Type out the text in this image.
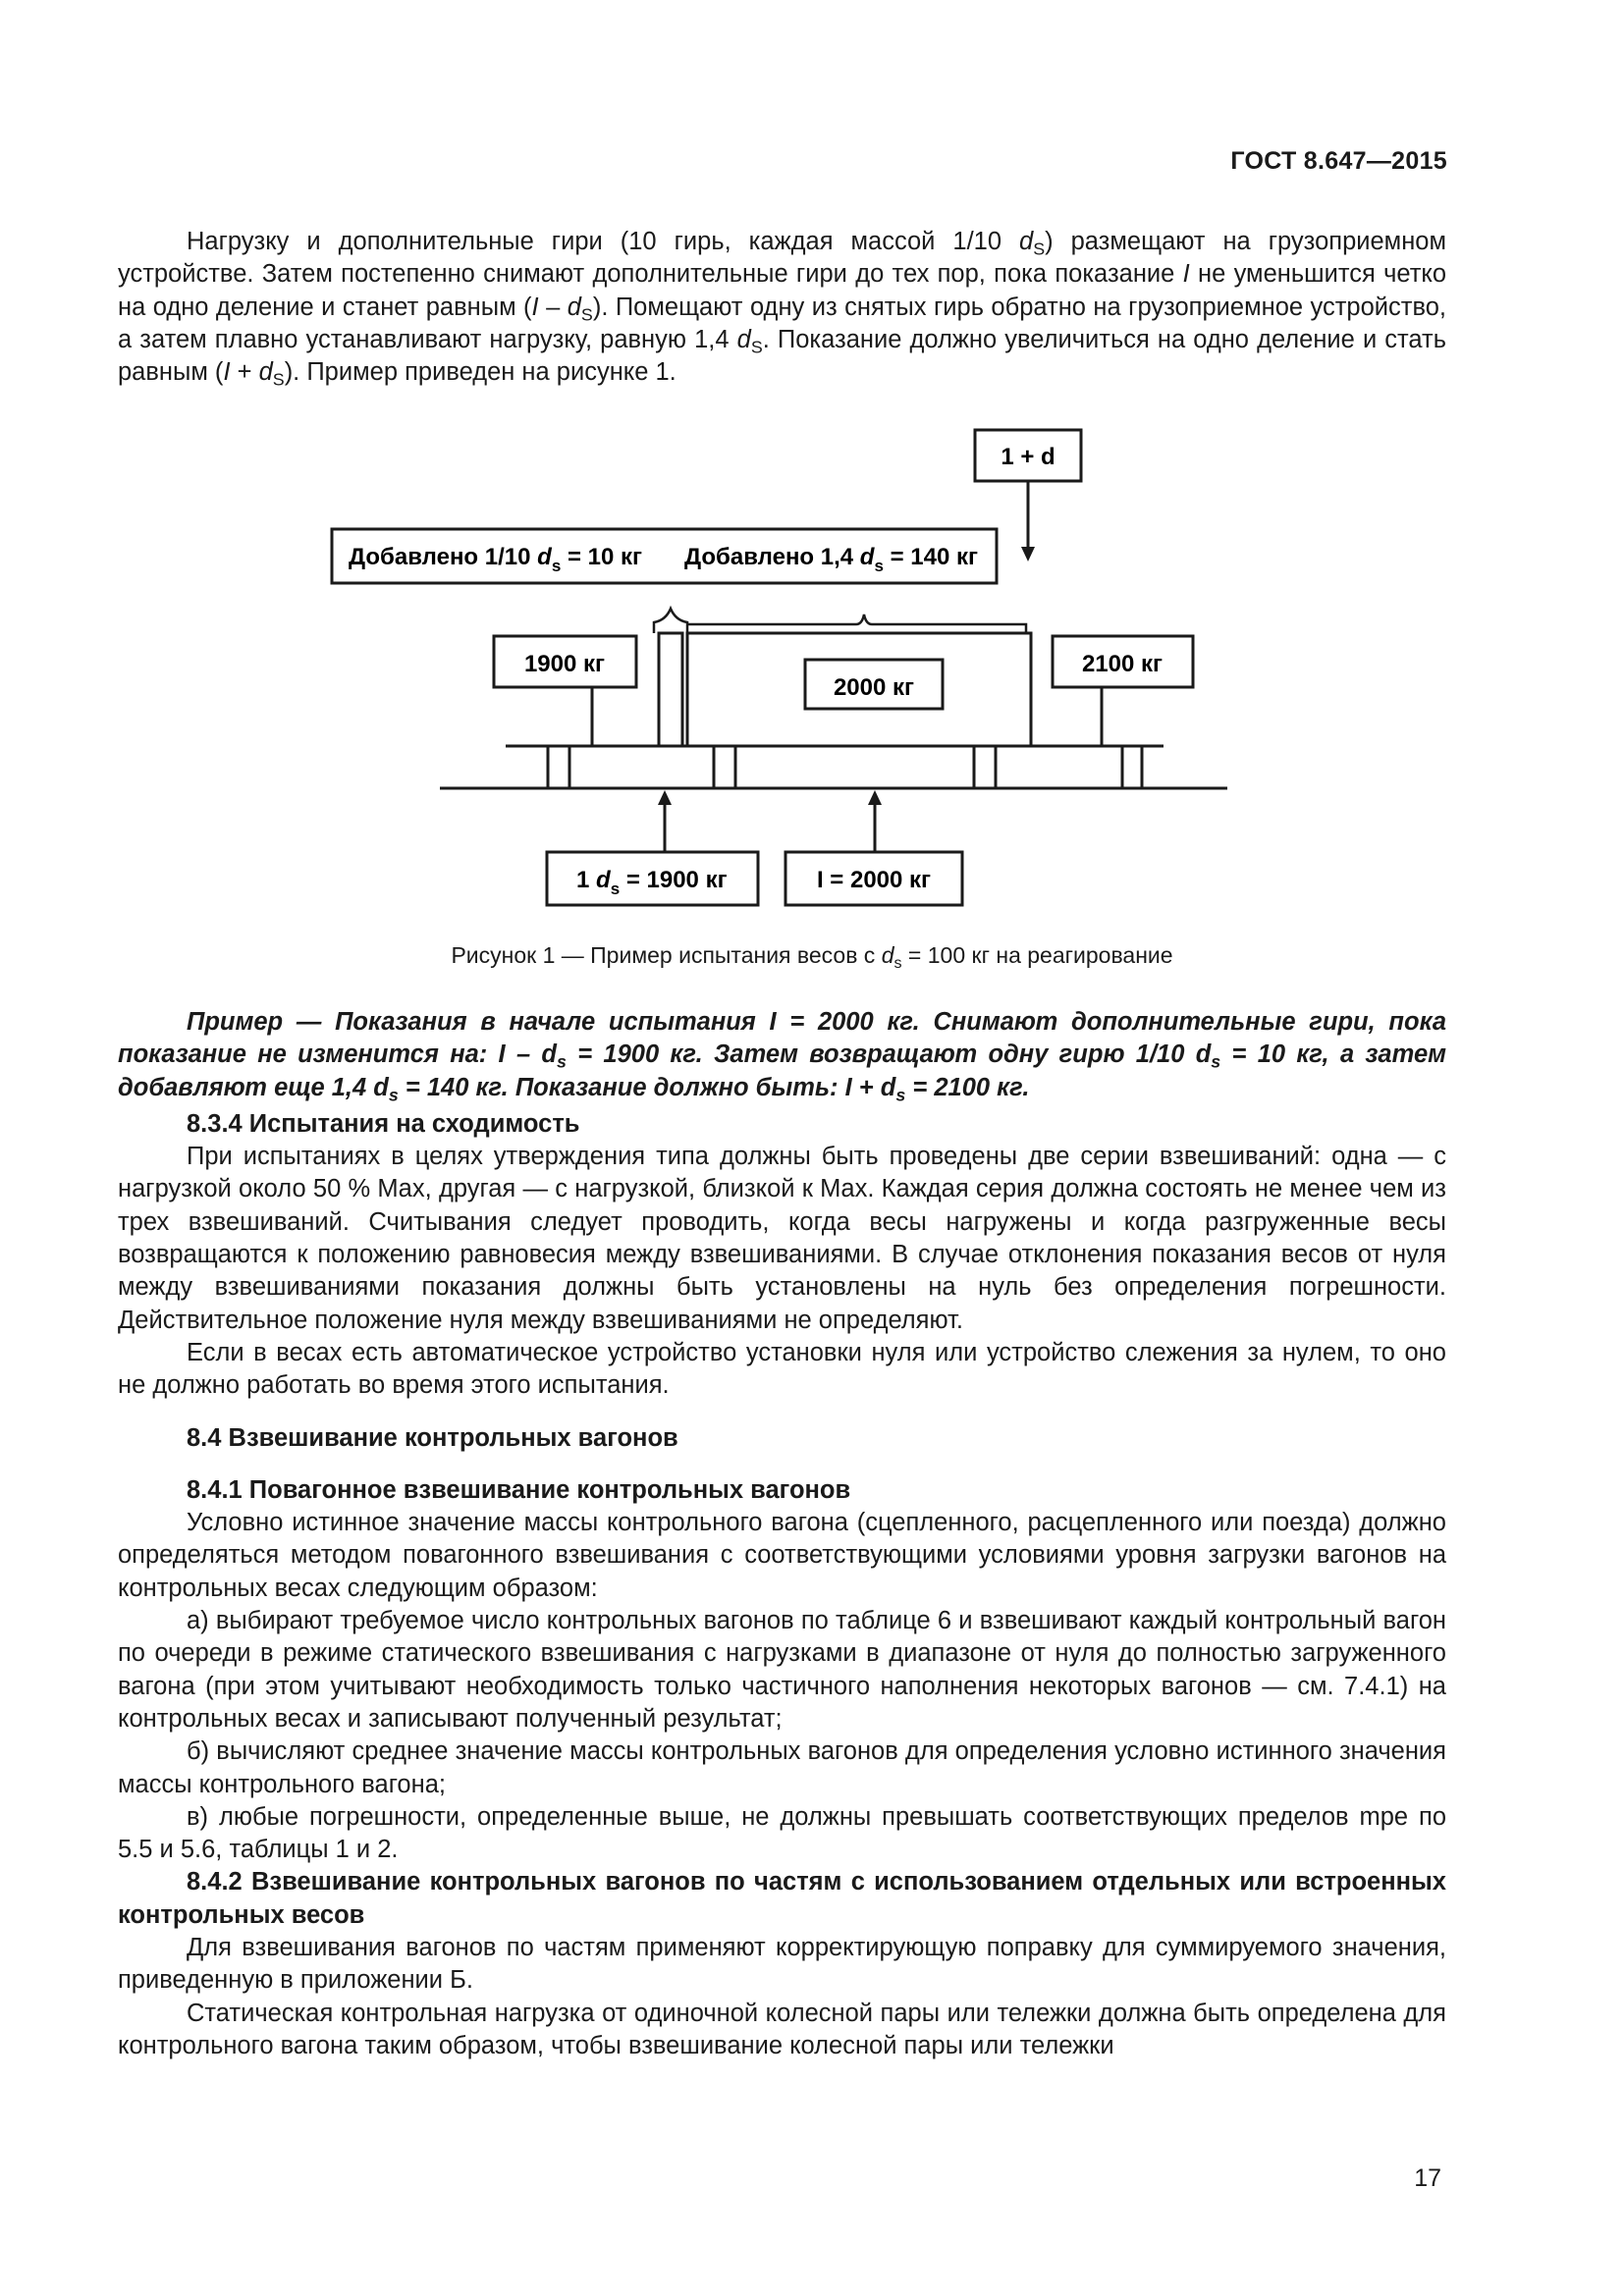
ГОСТ 8.647—2015

Нагрузку и дополнительные гири (10 гирь, каждая массой 1/10 $d_S$) размещают на грузоприемном устройстве. Затем постепенно снимают дополнительные гири до тех пор, пока показание I не уменьшится четко на одно деление и станет равным $(I - d_S)$. Помещают одну из снятых гирь обратно на грузоприемное устройство, а затем плавно устанавливают нагрузку, равную 1,4 $d_S$. Показание должно увеличиться на одно деление и стать равным $(I + d_S)$. Пример приведен на рисунке 1.

1 + d
Добавлено 1/10 $d_s = 10$ кг Добавлено 1,4 $d_s = 140$ кг
1900 кг
2000 кг
2100 кг
1 $d_s = 1900$ кг	I = 2000 кг
Рисунок 1 — Пример испытания весов с $d_s = 100$ кг на реагирование

Пример — Показания в начале испытания I = 2000 кг. Снимают дополнительные гири, пока показание не изменится на: $I - d_s = 1900$ кг. Затем возвращают одну гирю 1/10 $d_s = 10$ кг, а затем добавляют еще 1,4 $d_s = 140$ кг. Показание должно быть: $I + d_s = 2100$ кг.

8.3.4 Испытания на сходимость

При испытаниях в целях утверждения типа должны быть проведены две серии взвешиваний: одна — с нагрузкой около 50 % Max, другая — с нагрузкой, близкой к Max. Каждая серия должна состоять не менее чем из трех взвешиваний. Считывания следует проводить, когда весы нагружены и когда разгруженные весы возвращаются к положению равновесия между взвешиваниями. В случае отклонения показания весов от нуля между взвешиваниями показания должны быть установлены на нуль без определения погрешности. Действительное положение нуля между взвешиваниями не определяют.

Если в весах есть автоматическое устройство установки нуля или устройство слежения за нулем, то оно не должно работать во время этого испытания.

8.4 Взвешивание контрольных вагонов

8.4.1 Повагонное взвешивание контрольных вагонов

Условно истинное значение массы контрольного вагона (сцепленного, расцепленного или поезда) должно определяться методом повагонного взвешивания с соответствующими условиями уровня загрузки вагонов на контрольных весах следующим образом:

а) выбирают требуемое число контрольных вагонов по таблице 6 и взвешивают каждый контрольный вагон по очереди в режиме статического взвешивания с нагрузками в диапазоне от нуля до полностью загруженного вагона (при этом учитывают необходимость только частичного наполнения некоторых вагонов — см. 7.4.1) на контрольных весах и записывают полученный результат;

б) вычисляют среднее значение массы контрольных вагонов для определения условно истинного значения массы контрольного вагона;

в) любые погрешности, определенные выше, не должны превышать соответствующих пределов mpe по 5.5 и 5.6, таблицы 1 и 2.

8.4.2 Взвешивание контрольных вагонов по частям с использованием отдельных или встроенных контрольных весов

Для взвешивания вагонов по частям применяют корректирующую поправку для суммируемого значения, приведенную в приложении Б.

Статическая контрольная нагрузка от одиночной колесной пары или тележки должна быть определена для контрольного вагона таким образом, чтобы взвешивание колесной пары или тележки

17
